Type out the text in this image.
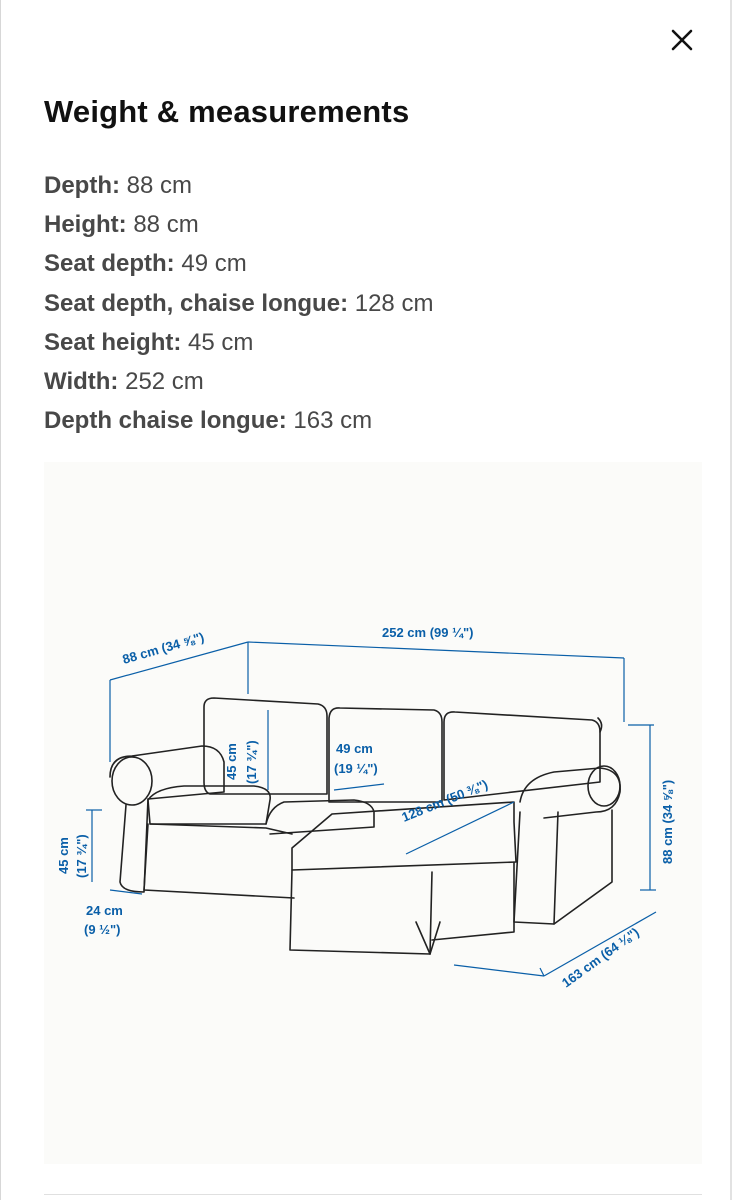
Weight & measurements
Depth: 88 cm
Height: 88 cm
Seat depth: 49 cm
Seat depth, chaise longue: 128 cm
Seat height: 45 cm
Width: 252 cm
Depth chaise longue: 163 cm
88 cm (34 ⅝")	252 cm (99 ¼")
45 cm (17 ¾")	49 cm
(19 ¼")
128 cm (50 ⅜")	88 cm (34 ⅝")
45 cm (17 ¾")
24 cm
(9 ½")	163 cm (64 ⅛")
